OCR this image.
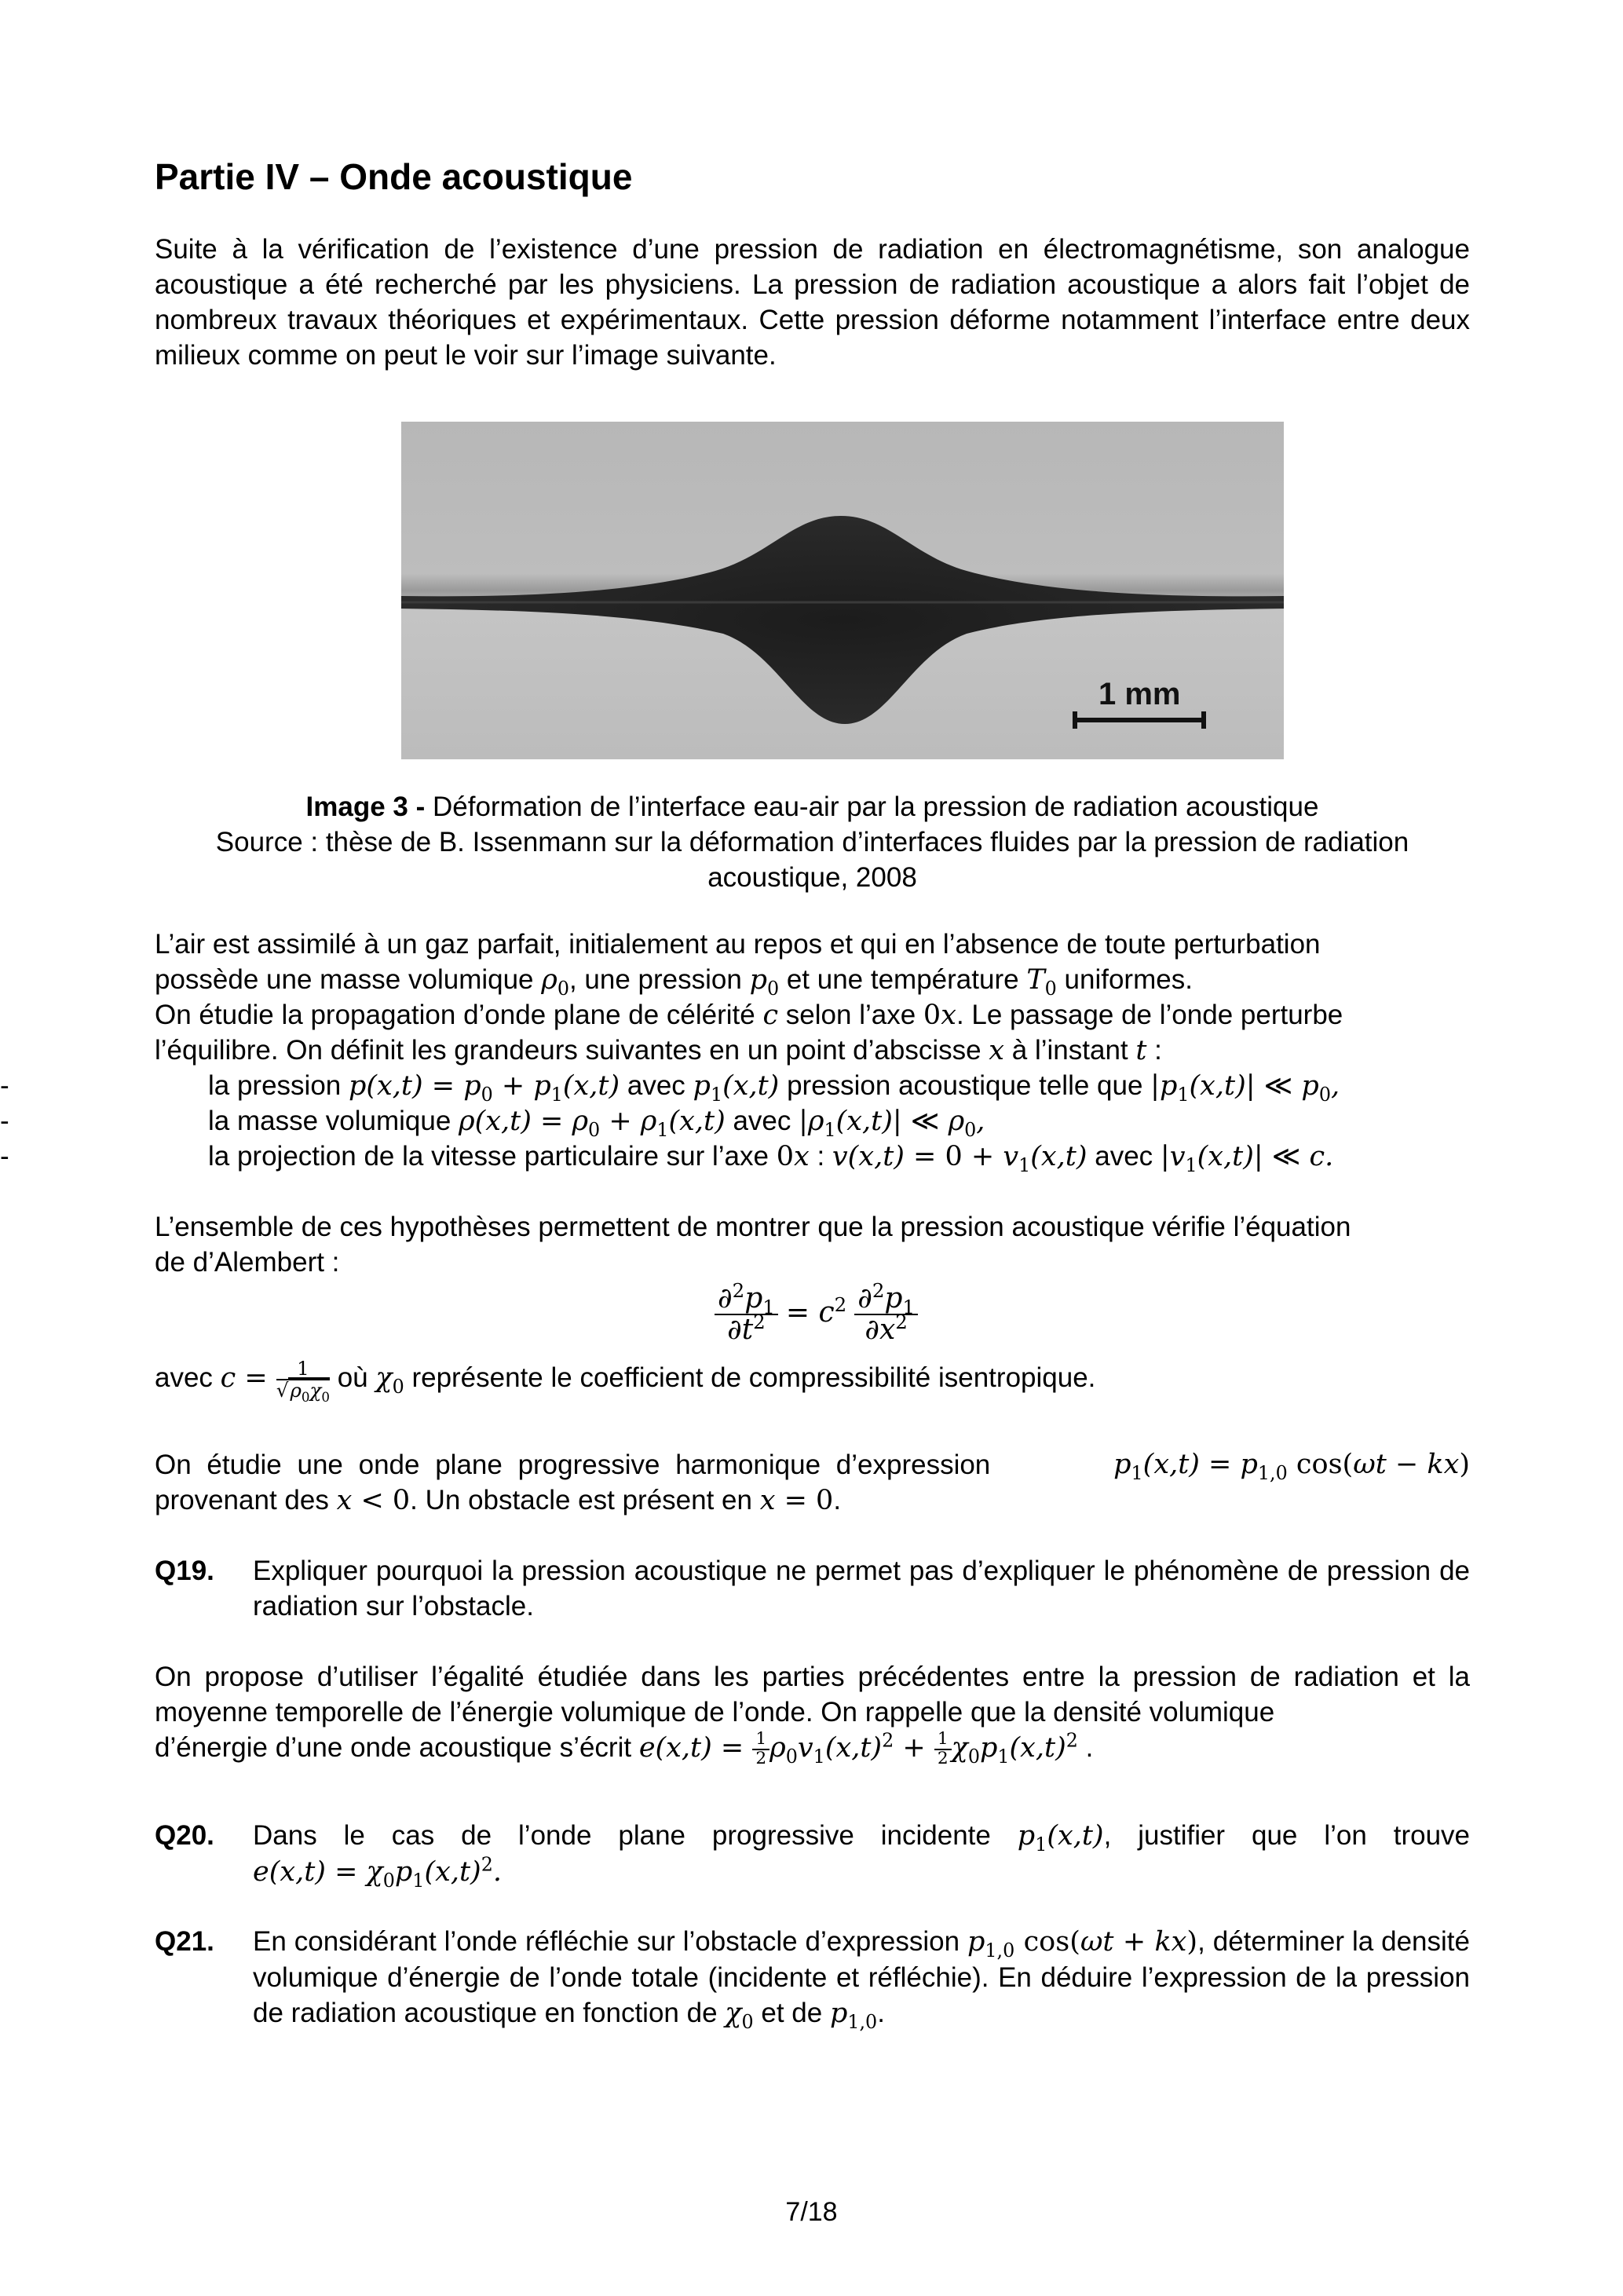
Partie IV – Onde acoustique
Suite à la vérification de l’existence d’une pression de radiation en électromagnétisme, son analogue acoustique a été recherché par les physiciens. La pression de radiation acoustique a alors fait l’objet de nombreux travaux théoriques et expérimentaux. Cette pression déforme notamment l’interface entre deux milieux comme on peut le voir sur l’image suivante.
1 mm
Image 3 - Déformation de l’interface eau-air par la pression de radiation acoustique
Source : thèse de B. Issenmann sur la déformation d’interfaces fluides par la pression de radiation acoustique, 2008
L’air est assimilé à un gaz parfait, initialement au repos et qui en l’absence de toute perturbation
possède une masse volumique $\rho_0$, une pression $p_0$ et une température $T_0$ uniformes.
On étudie la propagation d’onde plane de célérité c selon l’axe 0x. Le passage de l’onde perturbe
l’équilibre. On définit les grandeurs suivantes en un point d’abscisse x à l’instant t :
-	la pression $p(x,t) = p_0 + p_1(x,t)$ avec $p_1(x,t)$ pression acoustique telle que $|p_1(x,t)|$ ≪ $p_0$,
-	la masse volumique $\rho(x,t) = \rho_0 + \rho_1(x,t)$ avec $|\rho_1(x,t)|$ ≪ $\rho_0$,
-	la projection de la vitesse particulaire sur l’axe 0x : $v(x,t) = 0 + v_1(x,t)$ avec $|v_1(x,t)|$ ≪ c.
L’ensemble de ces hypothèses permettent de montrer que la pression acoustique vérifie l’équation
de d’Alembert :
$\frac{\partial^2p_1}{\partial t^2} = c^2 \frac{\partial^2p_1}{\partial x^2}$
avec $c = \frac{1}{√\rho_0\chi_0}$ où $\chi_0$ représente le coefficient de compressibilité isentropique.
On étudie une onde plane progressive harmonique d’expression	$p_1(x,t) = p_{1,0}$ cos(ωt − kx)
provenant des x < 0. Un obstacle est présent en x = 0.
Q19. Expliquer pourquoi la pression acoustique ne permet pas d’expliquer le phénomène de pression de radiation sur l’obstacle.
On propose d’utiliser l’égalité étudiée dans les parties précédentes entre la pression de radiation et la moyenne temporelle de l’énergie volumique de l’onde. On rappelle que la densité volumique
d’énergie d’une onde acoustique s’écrit $e(x,t) = \frac{1}{2} \rho_0v_1(x,t)^2 + \frac{1}{2} \chi_0p_1(x,t)^2$ .
Q20. Dans le cas de l’onde plane progressive incidente $p_1(x,t)$, justifier que l’on trouve
$e(x,t) = \chi_0p_1(x,t)^2$.
Q21. En considérant l’onde réfléchie sur l’obstacle d’expression $p_{1,0}$ cos(ωt + kx), déterminer la densité volumique d’énergie de l’onde totale (incidente et réfléchie). En déduire l’expression de la pression de radiation acoustique en fonction de $\chi_0$ et de $p_{1,0}$.
7/18
